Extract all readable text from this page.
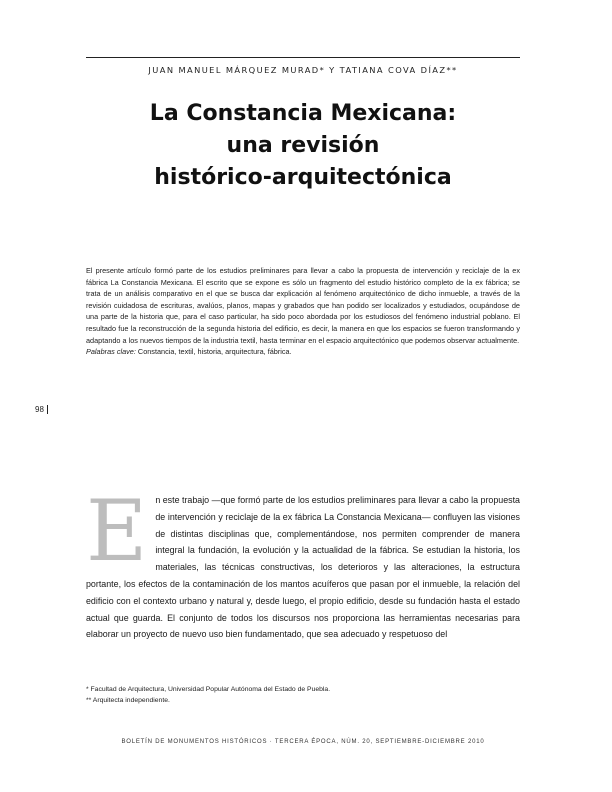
JUAN MANUEL MÁRQUEZ MURAD* Y TATIANA COVA DÍAZ**
La Constancia Mexicana:
una revisión
histórico-arquitectónica

El presente artículo formó parte de los estudios preliminares para llevar a cabo la propuesta de intervención y reciclaje de la ex fábrica La Constancia Mexicana. El escrito que se expone es sólo un fragmento del estudio histórico completo de la ex fábrica; se trata de un análisis comparativo en el que se busca dar explicación al fenómeno arquitectónico de dicho inmueble, a través de la revisión cuidadosa de escrituras, avalúos, planos, mapas y grabados que han podido ser localizados y estudiados, ocupándose de una parte de la historia que, para el caso particular, ha sido poco abordada por los estudiosos del fenómeno industrial poblano. El resultado fue la reconstrucción de la segunda historia del edificio, es decir, la manera en que los espacios se fueron transformando y adaptando a los nuevos tiempos de la industria textil, hasta terminar en el espacio arquitectónico que podemos observar actualmente.

Palabras clave: Constancia, textil, historia, arquitectura, fábrica.

98
E n este trabajo —que formó parte de los estudios preliminares para llevar a cabo la propuesta de intervención y reciclaje de la ex fábrica La Constancia Mexicana— confluyen las visiones de distintas disciplinas que, complementándose, nos permiten comprender de manera integral la fundación, la evolución y la actualidad de la fábrica. Se estudian la historia, los materiales, las técnicas constructivas, los deterioros y las alteraciones, la estructura portante, los efectos de la contaminación de los mantos acuíferos que pasan por el inmueble, la relación del edificio con el contexto urbano y natural y, desde luego, el propio edificio, desde su fundación hasta el estado actual que guarda. El conjunto de todos los discursos nos proporciona las herramientas necesarias para elaborar un proyecto de nuevo uso bien fundamentado, que sea adecuado y respetuoso del

* Facultad de Arquitectura, Universidad Popular Autónoma del Estado de Puebla.

** Arquitecta independiente.

BOLETÍN DE MONUMENTOS HISTÓRICOS · TERCERA ÉPOCA, NÚM. 20, SEPTIEMBRE-DICIEMBRE 2010
